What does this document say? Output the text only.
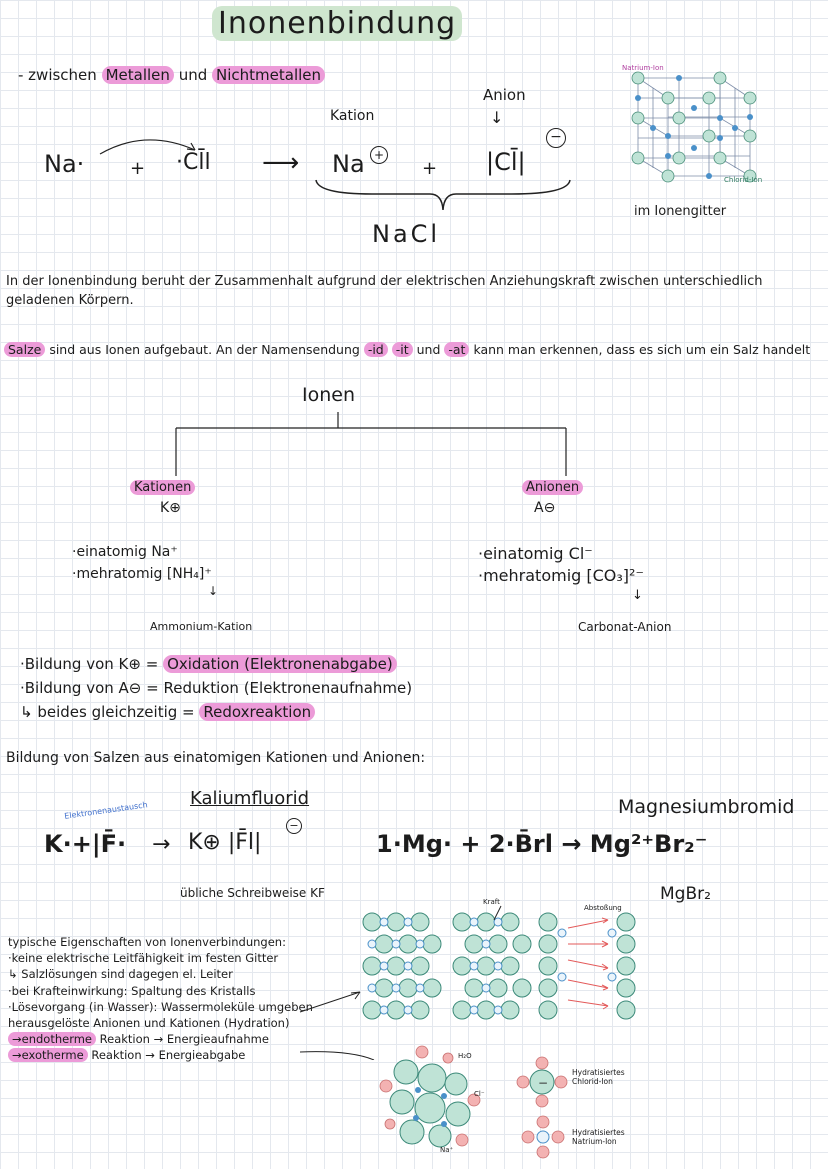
Inonenbindung
- zwischen Metallen und Nichtmetallen
Na·	+ ·Cl̄l ⟶
Kation
Na +
+
Anion
↓
|Cl̄|
−
NaCl
Natrium-Ion
Chlorid-Ion
im Ionengitter
In der Ionenbindung beruht der Zusammenhalt aufgrund der elektrischen Anziehungskraft zwischen unterschiedlich geladenen Körpern.
Salze sind aus Ionen aufgebaut. An der Namensendung -id -it und -at kann man erkennen, dass es sich um ein Salz handelt
Ionen
Kationen
K⊕
Anionen
A⊖
·einatomig Na⁺
·mehratomig [NH₄]⁺
↓
Ammonium-Kation
·einatomig Cl⁻
·mehratomig [CO₃]²⁻
↓
Carbonat-Anion
·Bildung von K⊕ = Oxidation (Elektronenabgabe)
·Bildung von A⊖ = Reduktion (Elektronenaufnahme)
↳ beides gleichzeitig = Redoxreaktion
Bildung von Salzen aus einatomigen Kationen und Anionen:
Kaliumfluorid
Elektronenaustausch
K·+|F̄· → K⊕ |F̄l|
−
übliche Schreibweise KF
Magnesiumbromid
1·Mg· + 2·B̄rl → Mg²⁺Br₂⁻
MgBr₂
typische Eigenschaften von Ionenverbindungen:
·keine elektrische Leitfähigkeit im festen Gitter
↳ Salzlösungen sind dagegen el. Leiter
·bei Krafteinwirkung: Spaltung des Kristalls
·Lösevorgang (in Wasser): Wassermoleküle umgeben
herausgelöste Anionen und Kationen (Hydration)
→endotherme Reaktion → Energieaufnahme
→exotherme Reaktion → Energieabgabe
Kraft
Abstoßung
H₂O
Cl⁻
Na⁺
−
Hydratisiertes Chlorid-Ion
Hydratisiertes Natrium-Ion
